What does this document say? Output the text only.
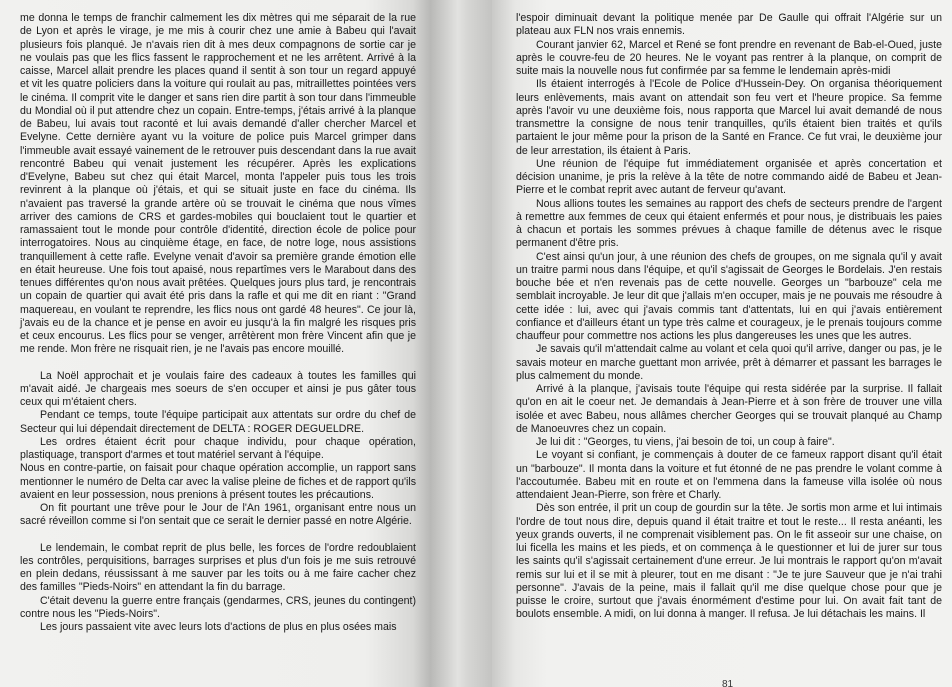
me donna le temps de franchir calmement les dix mètres qui me séparait de la rue de Lyon et après le virage, je me mis à courir chez une amie à Babeu qui l'avait plusieurs fois planqué. Je n'avais rien dit à mes deux compagnons de sortie car je ne voulais pas que les flics fassent le rapprochement et ne les arrêtent. Arrivé à la caisse, Marcel allait prendre les places quand il sentit à son tour un regard appuyé et vit les quatre policiers dans la voiture qui roulait au pas, mitraillettes pointées vers le cinéma. Il comprit vite le danger et sans rien dire partit à son tour dans l'immeuble du Mondial où il put attendre chez un copain. Entre-temps, j'étais arrivé à la planque de Babeu, lui avais tout raconté et lui avais demandé d'aller chercher Marcel et Evelyne. Cette dernière ayant vu la voiture de police puis Marcel grimper dans l'immeuble avait essayé vainement de le retrouver puis descendant dans la rue avait rencontré Babeu qui venait justement les récupérer. Après les explications d'Evelyne, Babeu sut chez qui était Marcel, monta l'appeler puis tous les trois revinrent à la planque où j'étais, et qui se situait juste en face du cinéma. Ils n'avaient pas traversé la grande artère où se trouvait le cinéma que nous vîmes arriver des camions de CRS et gardes-mobiles qui bouclaient tout le quartier et ramassaient tout le monde pour contrôle d'identité, direction école de police pour interrogatoires. Nous au cinquième étage, en face, de notre loge, nous assistions tranquillement à cette rafle. Evelyne venait d'avoir sa première grande émotion elle en était heureuse. Une fois tout apaisé, nous repartîmes vers le Marabout dans des tenues différentes qu'on nous avait prêtées. Quelques jours plus tard, je rencontrais un copain de quartier qui avait été pris dans la rafle et qui me dit en riant : "Grand maquereau, en voulant te reprendre, les flics nous ont gardé 48 heures". Ce jour là, j'avais eu de la chance et je pense en avoir eu jusqu'à la fin malgré les risques pris et ceux encourus. Les flics pour se venger, arrêtèrent mon frère Vincent afin que je me rende. Mon frère ne risquait rien, je ne l'avais pas encore mouillé.

La Noël approchait et je voulais faire des cadeaux à toutes les familles qui m'avait aidé. Je chargeais mes soeurs de s'en occuper et ainsi je pus gâter tous ceux qui m'étaient chers.

Pendant ce temps, toute l'équipe participait aux attentats sur ordre du chef de Secteur qui lui dépendait directement de DELTA : ROGER DEGUELDRE.

Les ordres étaient écrit pour chaque individu, pour chaque opération, plastiquage, transport d'armes et tout matériel servant à l'équipe.

Nous en contre-partie, on faisait pour chaque opération accomplie, un rapport sans mentionner le numéro de Delta car avec la valise pleine de fiches et de rapport qu'ils avaient en leur possession, nous prenions à présent toutes les précautions.

On fit pourtant une trêve pour le Jour de l'An 1961, organisant entre nous un sacré réveillon comme si l'on sentait que ce serait le dernier passé en notre Algérie.

Le lendemain, le combat reprit de plus belle, les forces de l'ordre redoublaient les contrôles, perquisitions, barrages surprises et plus d'un fois je me suis retrouvé en plein dedans, réussissant à me sauver par les toits ou à me faire cacher chez des familles "Pieds-Noirs" en attendant la fin du barrage.

C'était devenu la guerre entre français (gendarmes, CRS, jeunes du contingent) contre nous les "Pieds-Noirs".

Les jours passaient vite avec leurs lots d'actions de plus en plus osées mais

l'espoir diminuait devant la politique menée par De Gaulle qui offrait l'Algérie sur un plateau aux FLN nos vrais ennemis.

Courant janvier 62, Marcel et René se font prendre en revenant de Bab-el-Oued, juste après le couvre-feu de 20 heures. Ne le voyant pas rentrer à la planque, on comprit de suite mais la nouvelle nous fut confirmée par sa femme le lendemain après-midi

Ils étaient interrogés à l'Ecole de Police d'Hussein-Dey. On organisa théoriquement leurs enlèvements, mais avant on attendait son feu vert et l'heure propice. Sa femme après l'avoir vu une deuxième fois, nous rapporta que Marcel lui avait demandé de nous transmettre la consigne de nous tenir tranquilles, qu'ils étaient bien traités et qu'ils partaient le jour même pour la prison de la Santé en France. Ce fut vrai, le deuxième jour de leur arrestation, ils étaient à Paris.

Une réunion de l'équipe fut immédiatement organisée et après concertation et décision unanime, je pris la relève à la tête de notre commando aidé de Babeu et Jean-Pierre et le combat reprit avec autant de ferveur qu'avant.

Nous allions toutes les semaines au rapport des chefs de secteurs prendre de l'argent à remettre aux femmes de ceux qui étaient enfermés et pour nous, je distribuais les paies à chacun et portais les sommes prévues à chaque famille de détenus avec le risque permanent d'être pris.

C'est ainsi qu'un jour, à une réunion des chefs de groupes, on me signala qu'il y avait un traitre parmi nous dans l'équipe, et qu'il s'agissait de Georges le Bordelais. J'en restais bouche bée et n'en revenais pas de cette nouvelle. Georges un "barbouze" cela me semblait incroyable. Je leur dit que j'allais m'en occuper, mais je ne pouvais me résoudre à cette idée : lui, avec qui j'avais commis tant d'attentats, lui en qui j'avais entièrement confiance et d'ailleurs étant un type très calme et courageux, je le prenais toujours comme chauffeur pour commettre nos actions les plus dangereuses les unes que les autres.

Je savais qu'il m'attendait calme au volant et cela quoi qu'il arrive, danger ou pas, je le savais moteur en marche guettant mon arrivée, prêt à démarrer et passant les barrages le plus calmement du monde.

Arrivé à la planque, j'avisais toute l'équipe qui resta sidérée par la surprise. Il fallait qu'on en ait le coeur net. Je demandais à Jean-Pierre et à son frère de trouver une villa isolée et avec Babeu, nous allâmes chercher Georges qui se trouvait planqué au Champ de Manoeuvres chez un copain.

Je lui dit : "Georges, tu viens, j'ai besoin de toi, un coup à faire".

Le voyant si confiant, je commençais à douter de ce fameux rapport disant qu'il était un "barbouze". Il monta dans la voiture et fut étonné de ne pas prendre le volant comme à l'accoutumée. Babeu mit en route et on l'emmena dans la fameuse villa isolée où nous attendaient Jean-Pierre, son frère et Charly.

Dès son entrée, il prit un coup de gourdin sur la tête. Je sortis mon arme et lui intimais l'ordre de tout nous dire, depuis quand il était traitre et tout le reste... Il resta anéanti, les yeux grands ouverts, il ne comprenait visiblement pas. On le fit asseoir sur une chaise, on lui ficella les mains et les pieds, et on commença à le questionner et lui de jurer sur tous les saints qu'il s'agissait certainement d'une erreur. Je lui montrais le rapport qu'on m'avait remis sur lui et il se mit à pleurer, tout en me disant : "Je te jure Sauveur que je n'ai trahi personne". J'avais de la peine, mais il fallait qu'il me dise quelque chose pour que je puisse le croire, surtout que j'avais énormément d'estime pour lui. On avait fait tant de boulots ensemble. A midi, on lui donna à manger. Il refusa. Je lui détachais les mains. Il

81
